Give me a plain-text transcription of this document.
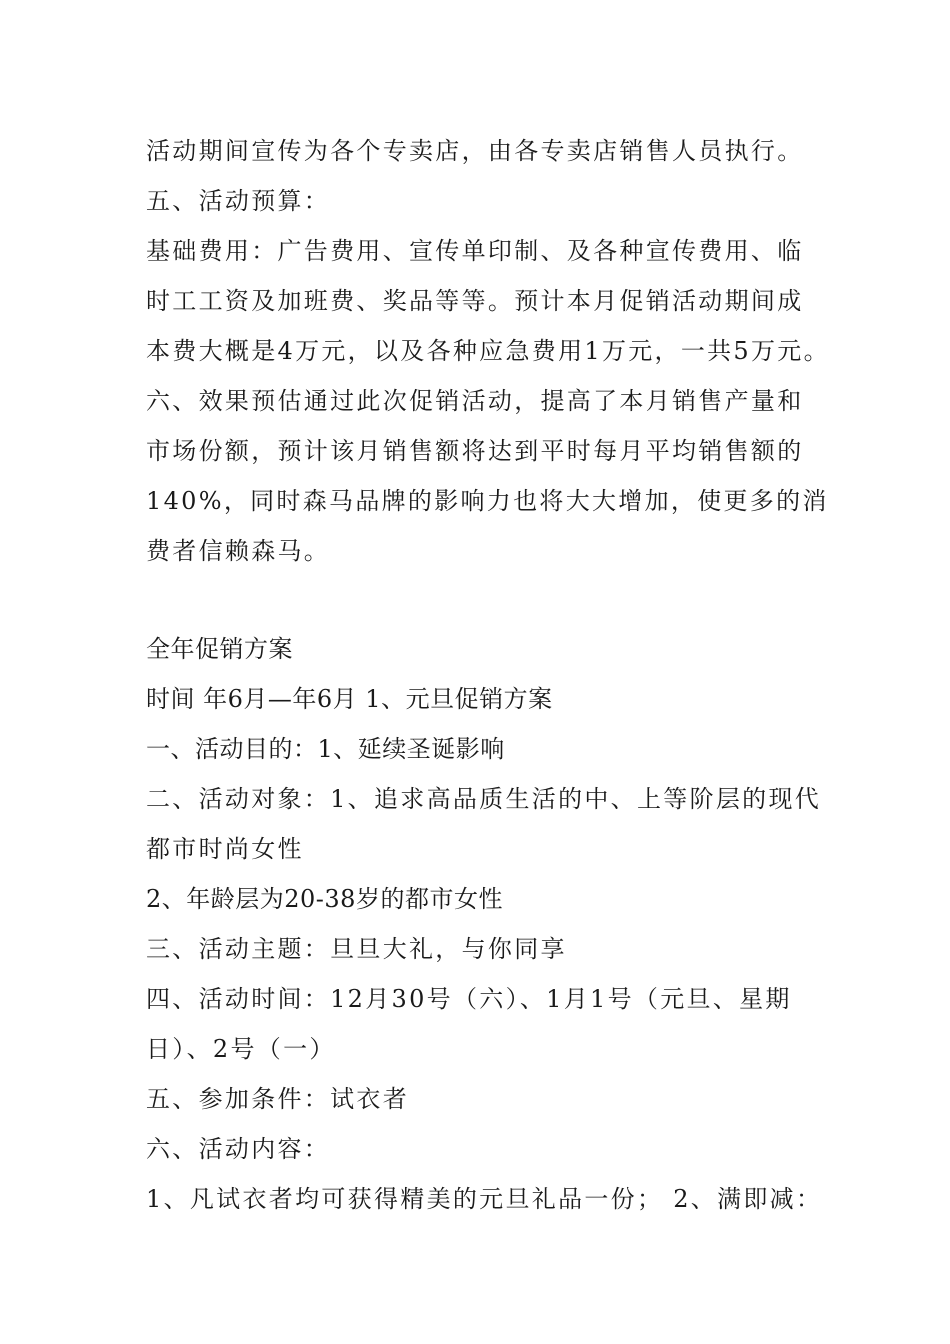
活动期间宣传为各个专卖店，由各专卖店销售人员执行。
五、活动预算：
基础费用：广告费用、宣传单印制、及各种宣传费用、临
时工工资及加班费、奖品等等。预计本月促销活动期间成
本费大概是4万元，以及各种应急费用1万元，一共5万元。
六、效果预估通过此次促销活动，提高了本月销售产量和
市场份额，预计该月销售额将达到平时每月平均销售额的
140%，同时森马品牌的影响力也将大大增加，使更多的消
费者信赖森马。
全年促销方案
时间 年6月—年6月 1、元旦促销方案
一、活动目的：1、延续圣诞影响
二、活动对象：1、追求高品质生活的中、上等阶层的现代
都市时尚女性
2、年龄层为20-38岁的都市女性
三、活动主题：旦旦大礼，与你同享
四、活动时间：12月30号（六）、1月1号（元旦、星期
日）、2号（一）
五、参加条件：试衣者
六、活动内容：
1、凡试衣者均可获得精美的元旦礼品一份； 2、满即减：
